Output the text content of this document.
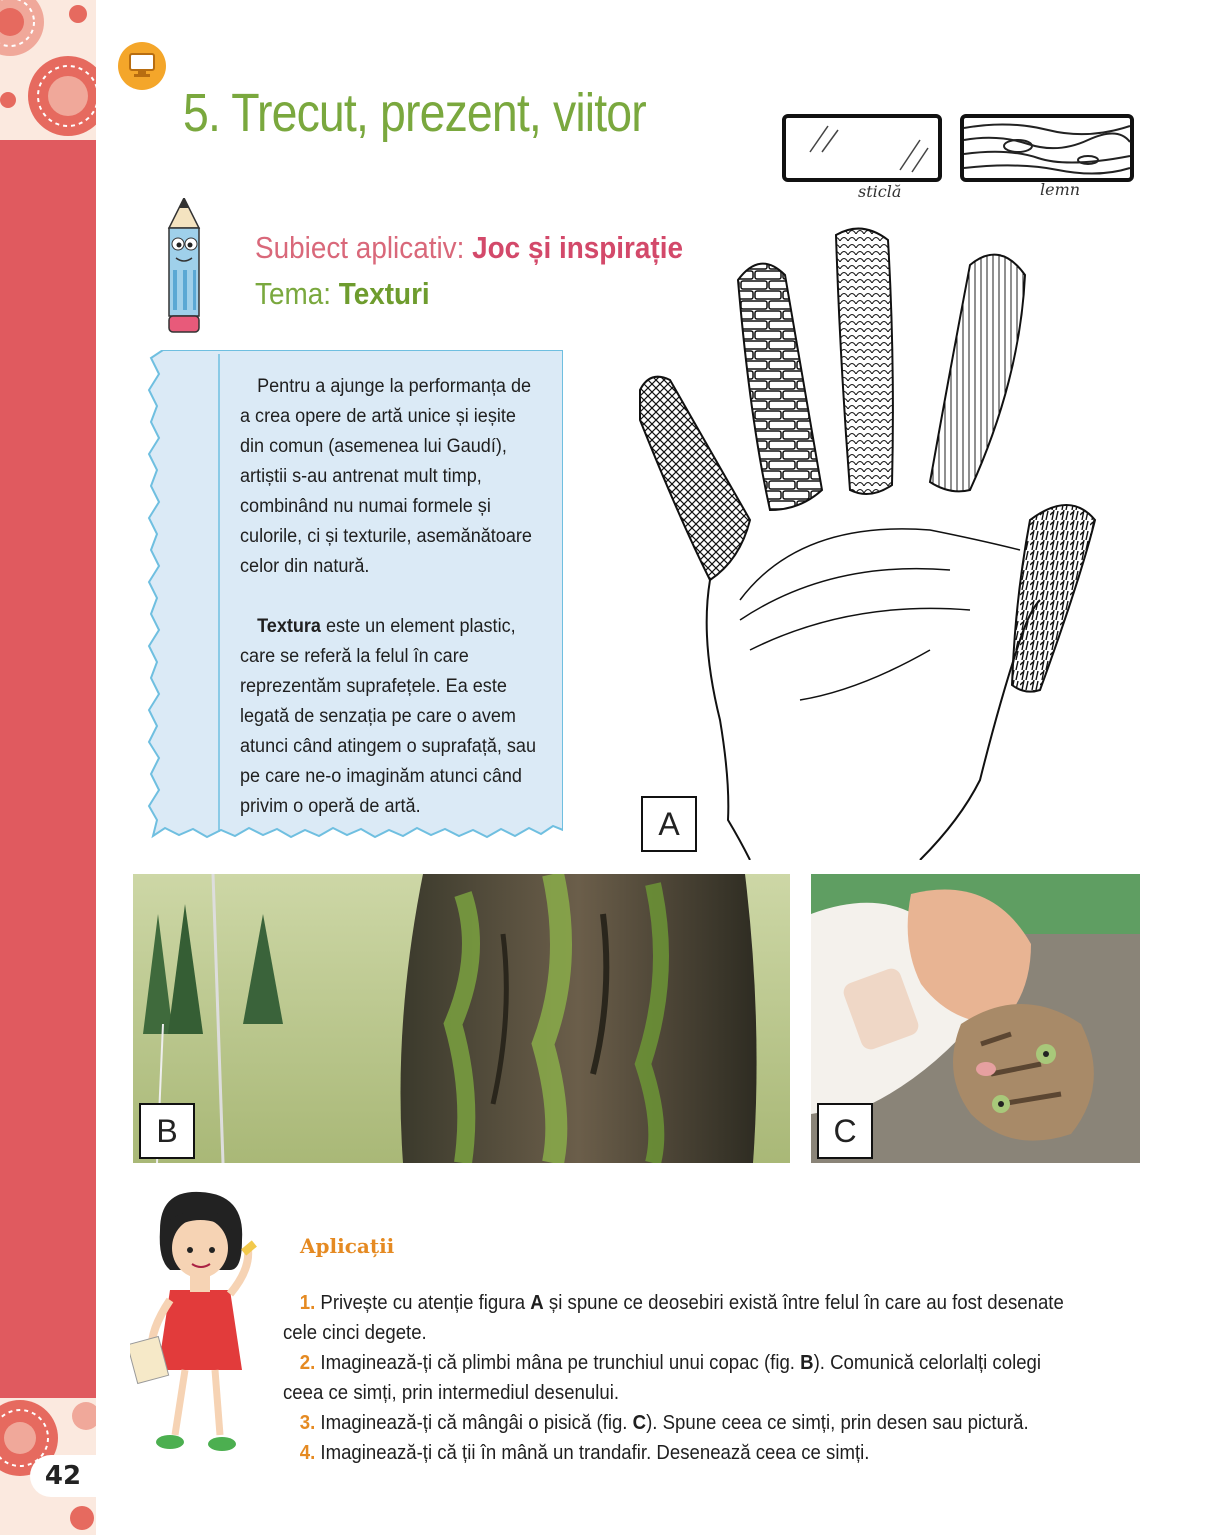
42
5. Trecut, prezent, viitor
sticlă	lemn
Subiect aplicativ: Joc și inspirație
Tema: Texturi

Pentru a ajunge la performanța de a crea opere de artă unice și ieșite din comun (asemenea lui Gaudí), artiștii s-au antrenat mult timp, combinând nu numai formele și culorile, ci și texturile, asemănătoare celor din natură.

Textura este un element plastic, care se referă la felul în care reprezentăm suprafețele. Ea este legată de senzația pe care o avem atunci când atingem o suprafață, sau pe care ne-o imaginăm atunci când privim o operă de artă.	A
B	C
Aplicații

1. Privește cu atenție figura A și spune ce deosebiri există între felul în care au fost desenate cele cinci degete.

2. Imaginează-ți că plimbi mâna pe trunchiul unui copac (fig. B). Comunică celorlalți colegi ceea ce simți, prin intermediul desenului.

3. Imaginează-ți că mângâi o pisică (fig. C). Spune ceea ce simți, prin desen sau pictură.

4. Imaginează-ți că ții în mână un trandafir. Desenează ceea ce simți.
